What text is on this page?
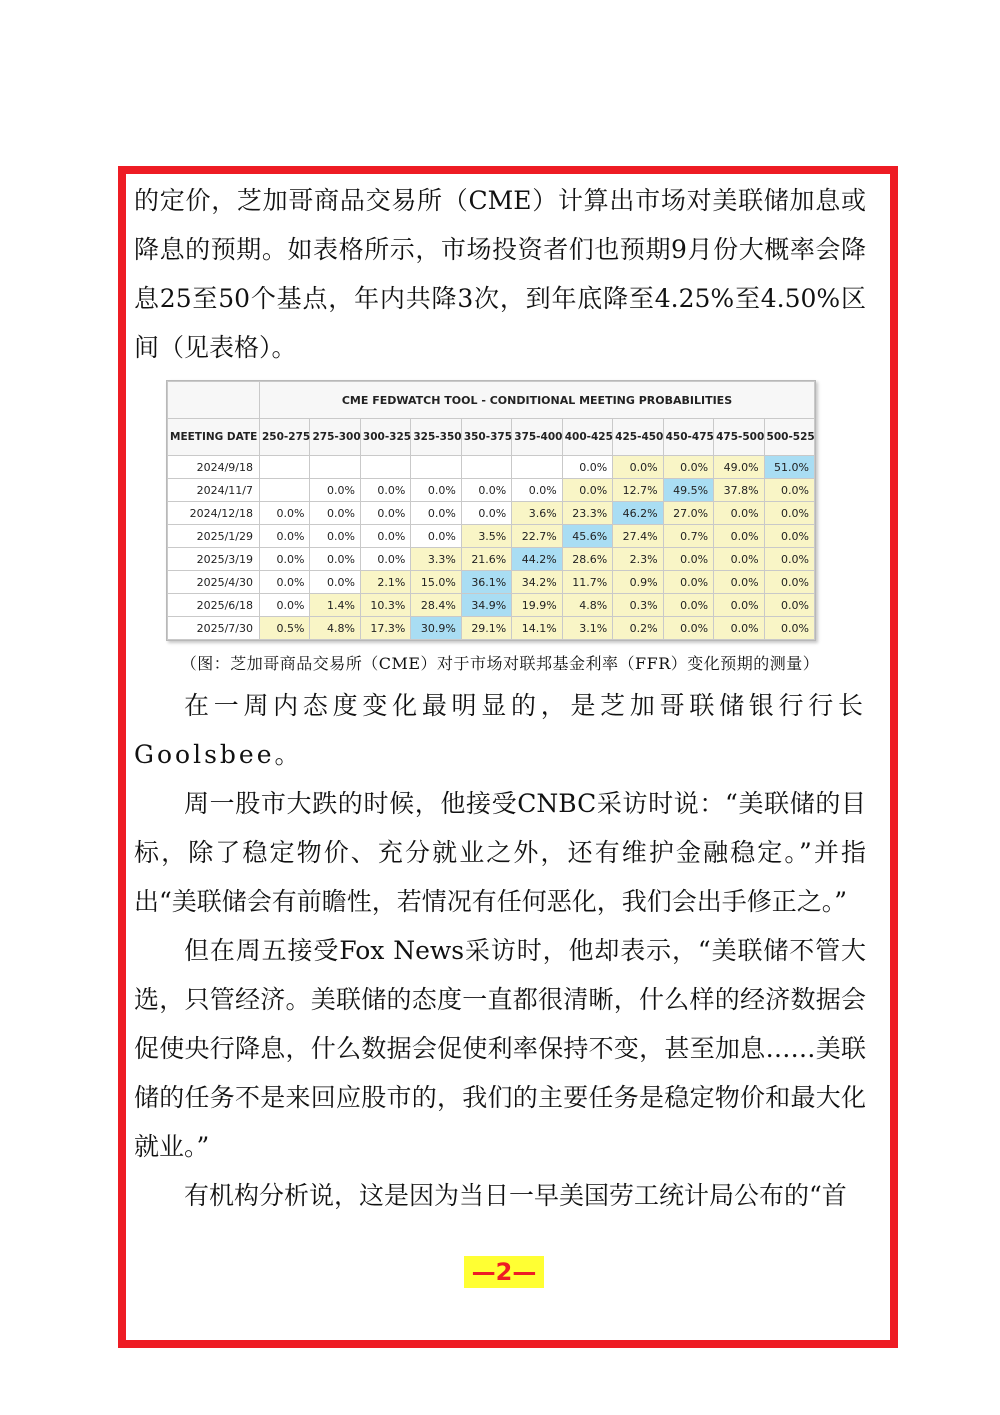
的定价，芝加哥商品交易所（CME）计算出市场对美联储加息或降息的预期。如表格所示，市场投资者们也预期9月份大概率会降息25至50个基点，年内共降3次，到年底降至4.25%至4.50%区间（见表格）。

	CME FEDWATCH TOOL - CONDITIONAL MEETING PROBABILITIES										
MEETING DATE	250-275	275-300	300-325	325-350	350-375	375-400	400-425	425-450	450-475	475-500	500-525
2024/9/18							0.0%	0.0%	0.0%	49.0%	51.0%
2024/11/7		0.0%	0.0%	0.0%	0.0%	0.0%	0.0%	12.7%	49.5%	37.8%	0.0%
2024/12/18	0.0%	0.0%	0.0%	0.0%	0.0%	3.6%	23.3%	46.2%	27.0%	0.0%	0.0%
2025/1/29	0.0%	0.0%	0.0%	0.0%	3.5%	22.7%	45.6%	27.4%	0.7%	0.0%	0.0%
2025/3/19	0.0%	0.0%	0.0%	3.3%	21.6%	44.2%	28.6%	2.3%	0.0%	0.0%	0.0%
2025/4/30	0.0%	0.0%	2.1%	15.0%	36.1%	34.2%	11.7%	0.9%	0.0%	0.0%	0.0%
2025/6/18	0.0%	1.4%	10.3%	28.4%	34.9%	19.9%	4.8%	0.3%	0.0%	0.0%	0.0%
2025/7/30	0.5%	4.8%	17.3%	30.9%	29.1%	14.1%	3.1%	0.2%	0.0%	0.0%	0.0%

（图：芝加哥商品交易所（CME）对于市场对联邦基金利率（FFR）变化预期的测量）

在一周内态度变化最明显的，是芝加哥联储银行行长Goolsbee。

周一股市大跌的时候，他接受CNBC采访时说：“美联储的目标，除了稳定物价、充分就业之外，还有维护金融稳定。”并指出“美联储会有前瞻性，若情况有任何恶化，我们会出手修正之。”

但在周五接受Fox News采访时，他却表示，“美联储不管大选，只管经济。美联储的态度一直都很清晰，什么样的经济数据会促使央行降息，什么数据会促使利率保持不变，甚至加息……美联储的任务不是来回应股市的，我们的主要任务是稳定物价和最大化就业。”

有机构分析说，这是因为当日一早美国劳工统计局公布的“首

—2—
